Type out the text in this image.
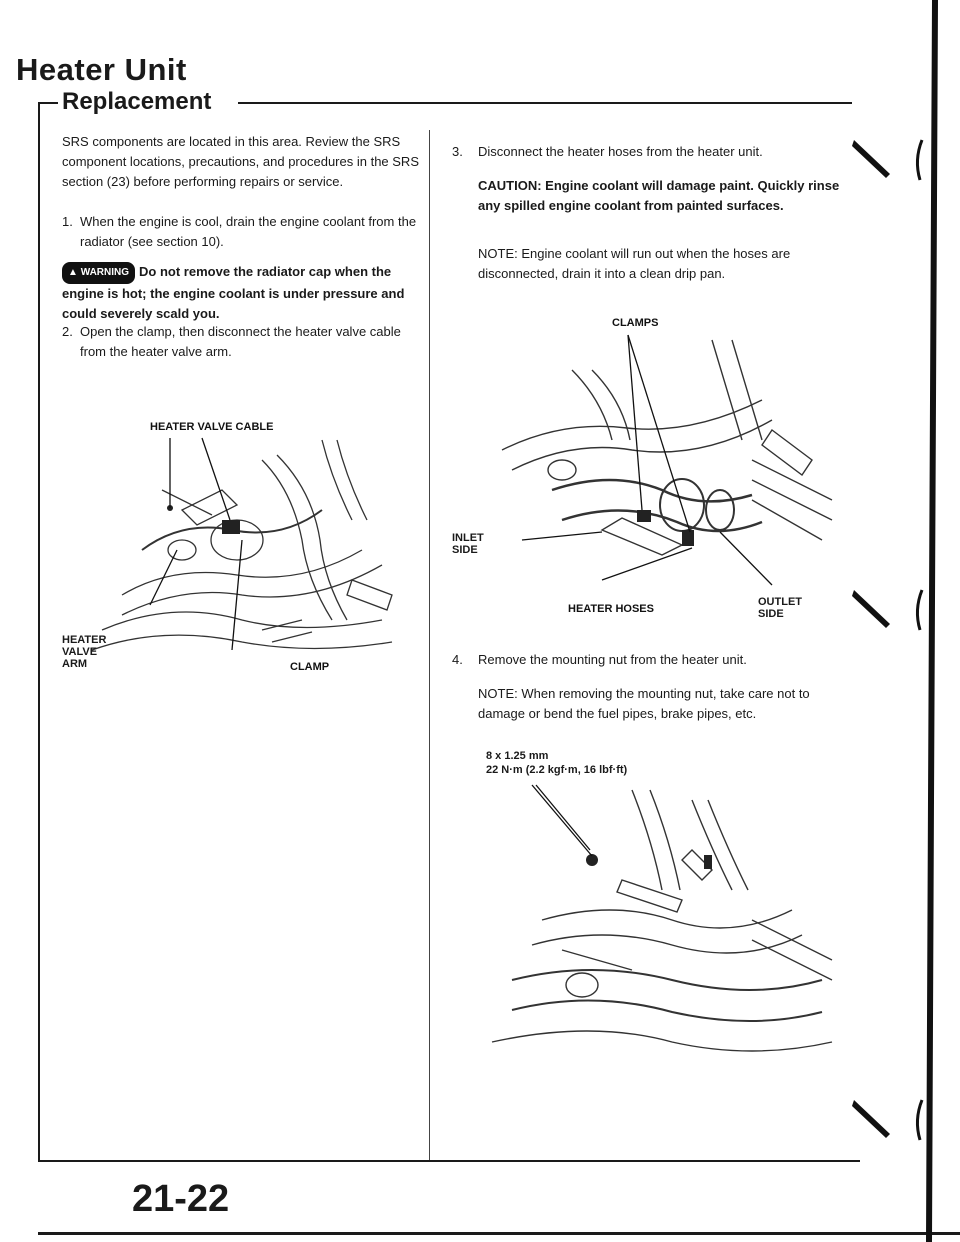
Heater Unit
Replacement
SRS components are located in this area. Review the SRS component locations, precautions, and procedures in the SRS section (23) before performing repairs or service.
1. When the engine is cool, drain the engine coolant from the radiator (see section 10).
▲ WARNING Do not remove the radiator cap when the engine is hot; the engine coolant is under pressure and could severely scald you.
2. Open the clamp, then disconnect the heater valve cable from the heater valve arm.
HEATER VALVE CABLE
CLAMP
HEATER VALVE ARM
3.	Disconnect the heater hoses from the heater unit.
CAUTION: Engine coolant will damage paint. Quickly rinse any spilled engine coolant from painted surfaces.
NOTE: Engine coolant will run out when the hoses are disconnected, drain it into a clean drip pan.
CLAMPS
HEATER HOSES
INLET SIDE
OUTLET SIDE
4.	Remove the mounting nut from the heater unit.
NOTE: When removing the mounting nut, take care not to damage or bend the fuel pipes, brake pipes, etc.
8 x 1.25 mm
22 N·m (2.2 kgf·m, 16 lbf·ft)
21-22
